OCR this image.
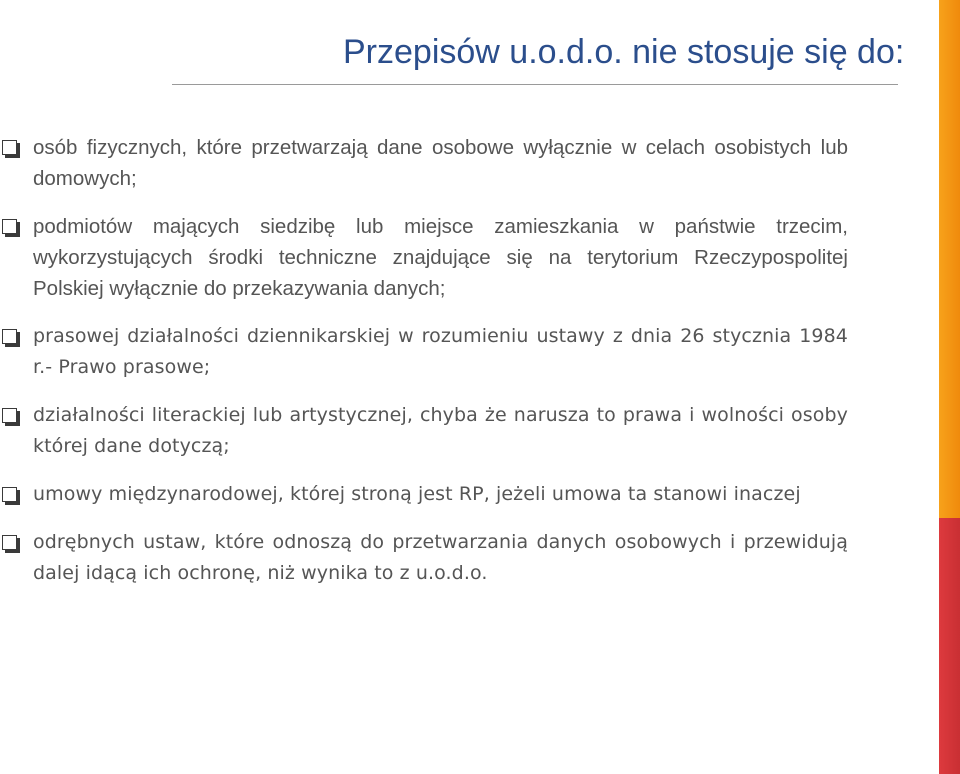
Przepisów u.o.d.o. nie stosuje się do:
osób fizycznych, które przetwarzają dane osobowe wyłącznie w celach osobistych lub domowych;
podmiotów mających siedzibę lub miejsce zamieszkania w państwie trzecim, wykorzystujących środki techniczne znajdujące się na terytorium Rzeczypospolitej Polskiej wyłącznie do przekazywania danych;
prasowej działalności dziennikarskiej w rozumieniu ustawy z dnia 26 stycznia 1984 r.- Prawo prasowe;
działalności literackiej lub artystycznej, chyba że narusza to prawa i wolności osoby której dane dotyczą;
umowy międzynarodowej, której stroną jest RP, jeżeli umowa ta stanowi inaczej
odrębnych ustaw, które odnoszą do przetwarzania danych osobowych i przewidują dalej idącą ich ochronę, niż wynika to z u.o.d.o.
